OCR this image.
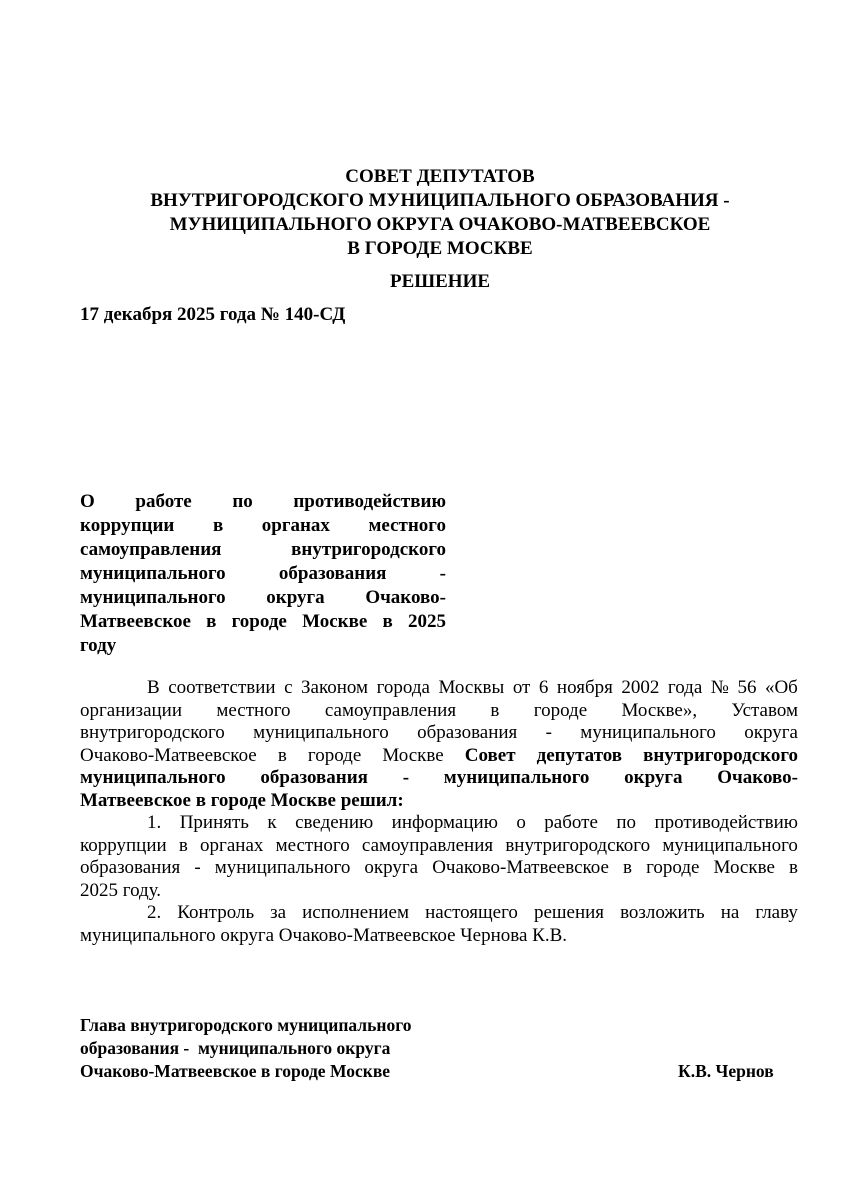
СОВЕТ ДЕПУТАТОВ
ВНУТРИГОРОДСКОГО МУНИЦИПАЛЬНОГО ОБРАЗОВАНИЯ -
МУНИЦИПАЛЬНОГО ОКРУГА ОЧАКОВО-МАТВЕЕВСКОЕ
В ГОРОДЕ МОСКВЕ
РЕШЕНИЕ
17 декабря 2025 года № 140-СД
О работе по противодействию
коррупции в органах местного
самоуправления	внутригородского
муниципального	образования	-
муниципального округа Очаково-
Матвеевское в городе Москве в 2025
году
В соответствии с Законом города Москвы от 6 ноября 2002 года № 56 «Об
организации местного самоуправления в городе Москве», Уставом
внутригородского муниципального образования - муниципального округа
Очаково-Матвеевское в городе Москве Совет депутатов внутригородского
муниципального образования - муниципального округа Очаково-
Матвеевское в городе Москве решил:
1. Принять к сведению информацию о работе по противодействию
коррупции в органах местного самоуправления внутригородского муниципального
образования - муниципального округа Очаково-Матвеевское в городе Москве в
2025 году.
2. Контроль за исполнением настоящего решения возложить на главу
муниципального округа Очаково-Матвеевское Чернова К.В.
Глава внутригородского муниципального
образования -  муниципального округа
Очаково-Матвеевское в городе Москве	К.В. Чернов
